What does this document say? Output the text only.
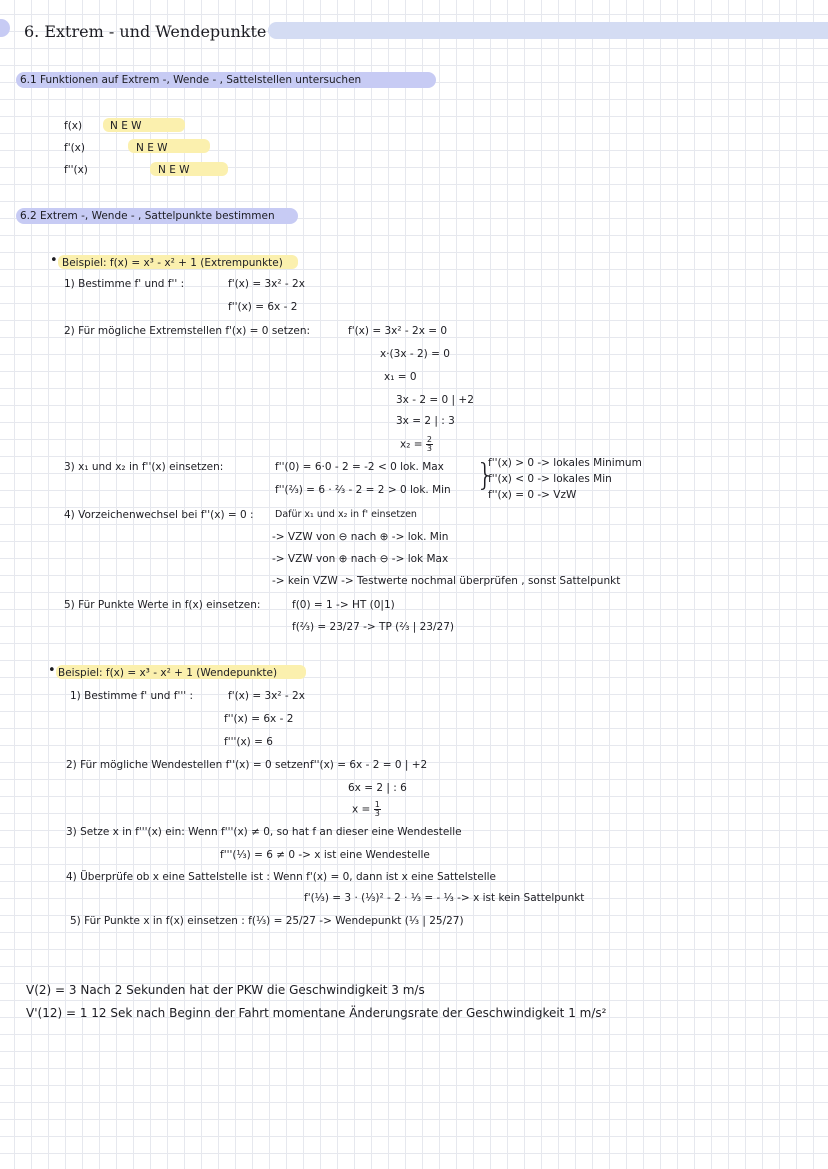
6. Extrem - und Wendepunkte
6.1 Funktionen auf Extrem -, Wende - , Sattelstellen untersuchen
f(x)	N E W
f'(x)	N E W
f''(x)	N E W
6.2 Extrem -, Wende - , Sattelpunkte bestimmen
• Beispiel: f(x) = x³ - x² + 1 (Extrempunkte)
1) Bestimme f' und f'' :	f'(x) = 3x² - 2x
f''(x) = 6x - 2
2) Für mögliche Extremstellen f'(x) = 0 setzen:	f'(x) = 3x² - 2x = 0
x·(3x - 2) = 0
x₁ = 0
3x - 2 = 0 | +2
3x = 2 | : 3
$x_2 = \frac{2}{3}$
3) x₁ und x₂ in f''(x) einsetzen:	f''(0) = 6·0 - 2 = -2 < 0 lok. Max
f''(⅔) = 6 · ⅔ - 2 = 2 > 0 lok. Min }
f''(x) > 0 -> lokales Minimum
f''(x) < 0 -> lokales Min
f''(x) = 0 -> VzW
4) Vorzeichenwechsel bei f''(x) = 0 : Dafür x₁ und x₂ in f' einsetzen
-> VZW von ⊖ nach ⊕ -> lok. Min
-> VZW von ⊕ nach ⊖ -> lok Max
-> kein VZW -> Testwerte nochmal überprüfen , sonst Sattelpunkt
5) Für Punkte Werte in f(x) einsetzen:	f(0) = 1 -> HT (0|1)
f(⅔) = 23/27 -> TP (⅔ | 23/27)
• Beispiel: f(x) = x³ - x² + 1 (Wendepunkte)
1) Bestimme f' und f''' :	f'(x) = 3x² - 2x
f''(x) = 6x - 2
f'''(x) = 6
2) Für mögliche Wendestellen f''(x) = 0 setzen:
f''(x) = 6x - 2 = 0 | +2
6x = 2 | : 6
$x = \frac{1}{3}$
3) Setze x in f'''(x) ein: Wenn f'''(x) ≠ 0, so hat f an dieser eine Wendestelle
f'''(⅓) = 6 ≠ 0 -> x ist eine Wendestelle
4) Überprüfe ob x eine Sattelstelle ist : Wenn f'(x) = 0, dann ist x eine Sattelstelle
f'(⅓) = 3 · (⅓)² - 2 · ⅓ = - ⅓ -> x ist kein Sattelpunkt
5) Für Punkte x in f(x) einsetzen : f(⅓) = 25/27 -> Wendepunkt (⅓ | 25/27)
V(2) = 3 Nach 2 Sekunden hat der PKW die Geschwindigkeit 3 m/s
V'(12) = 1 12 Sek nach Beginn der Fahrt momentane Änderungsrate der Geschwindigkeit 1 m/s²
